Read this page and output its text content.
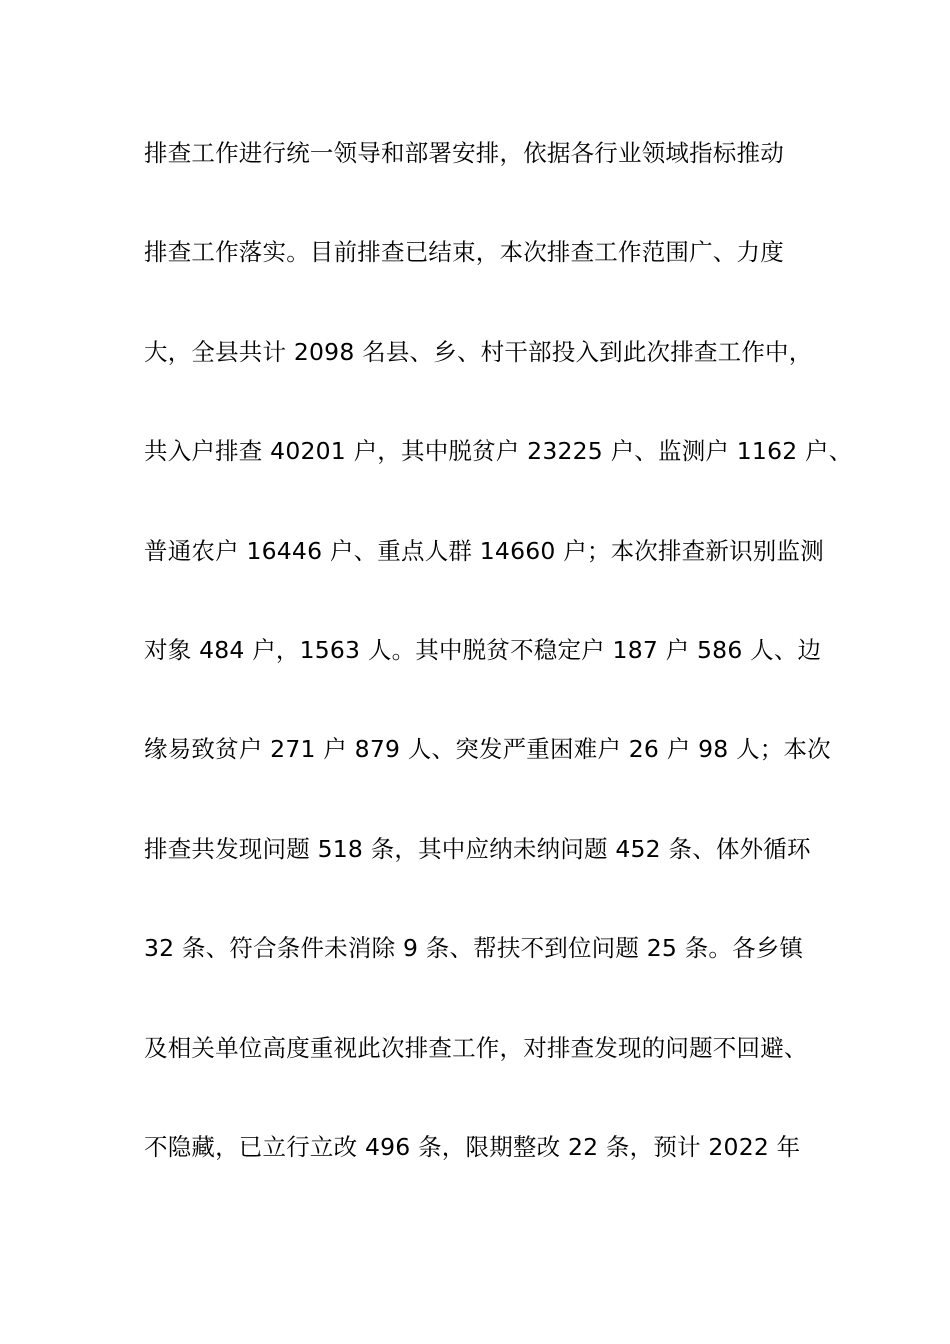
排查工作进行统一领导和部署安排，依据各行业领域指标推动
排查工作落实。目前排查已结束，本次排查工作范围广、力度
大，全县共计 2098 名县、乡、村干部投入到此次排查工作中，
共入户排查 40201 户，其中脱贫户 23225 户、监测户 1162 户、
普通农户 16446 户、重点人群 14660 户；本次排查新识别监测
对象 484 户，1563 人。其中脱贫不稳定户 187 户 586 人、边
缘易致贫户 271 户 879 人、突发严重困难户 26 户 98 人；本次
排查共发现问题 518 条，其中应纳未纳问题 452 条、体外循环
32 条、符合条件未消除 9 条、帮扶不到位问题 25 条。各乡镇
及相关单位高度重视此次排查工作，对排查发现的问题不回避、
不隐藏，已立行立改 496 条，限期整改 22 条，预计 2022 年
